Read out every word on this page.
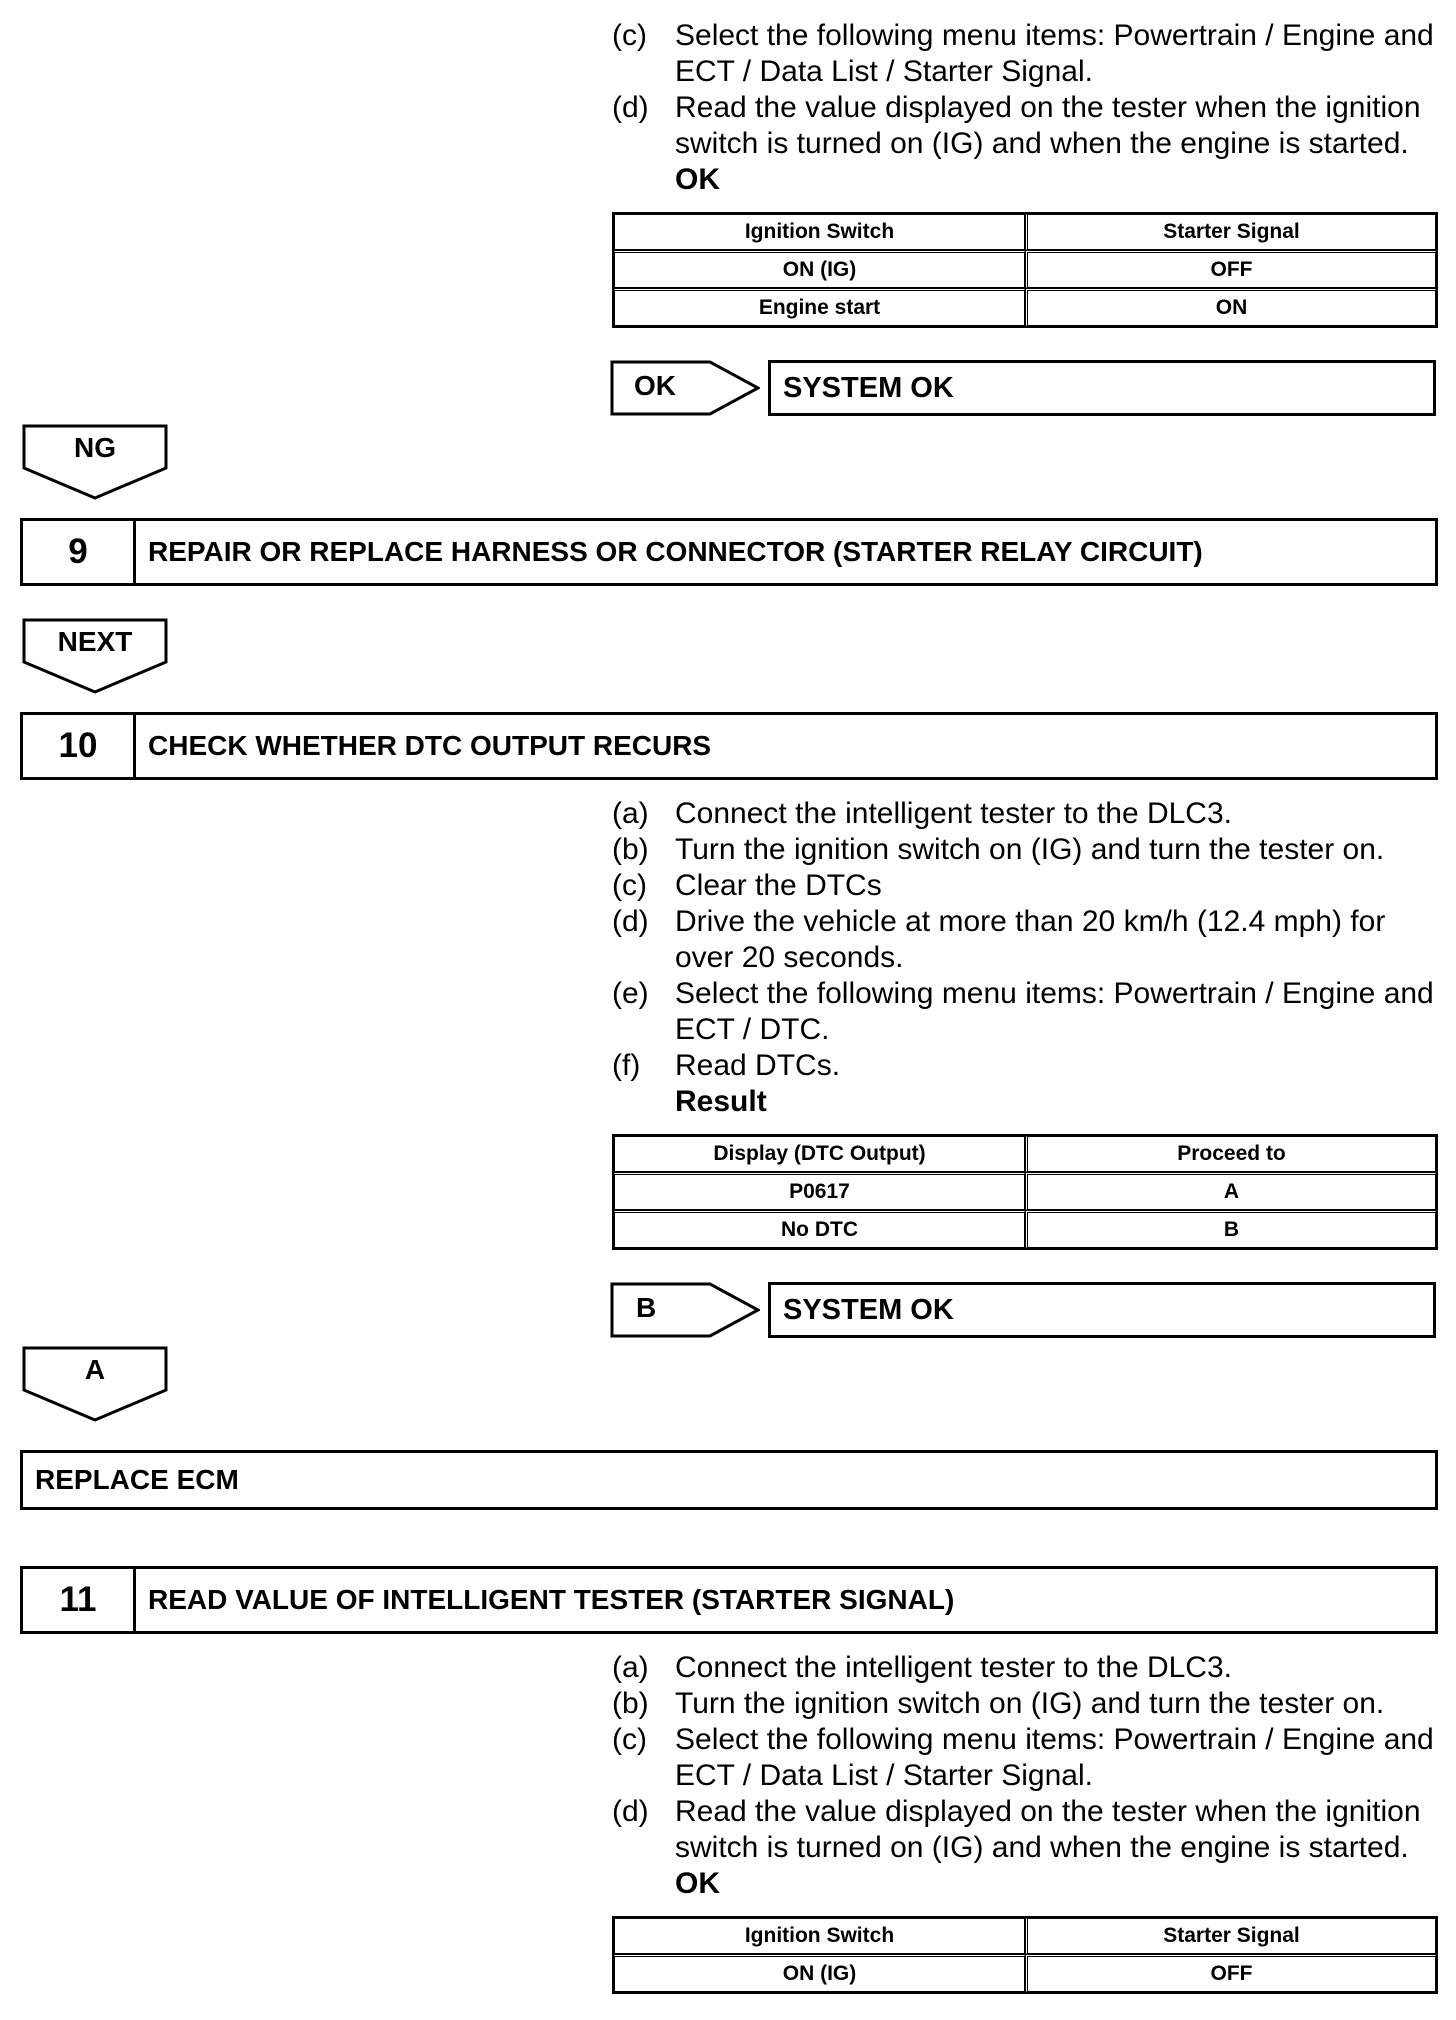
(c) Select the following menu items: Powertrain / Engine and ECT / Data List / Starter Signal.
(d) Read the value displayed on the tester when the ignition switch is turned on (IG) and when the engine is started.
OK
Ignition Switch	Starter Signal
ON (IG)	OFF
Engine start	ON
OK	SYSTEM OK
NG
9	REPAIR OR REPLACE HARNESS OR CONNECTOR (STARTER RELAY CIRCUIT)
NEXT
10	CHECK WHETHER DTC OUTPUT RECURS
(a) Connect the intelligent tester to the DLC3.
(b) Turn the ignition switch on (IG) and turn the tester on.
(c) Clear the DTCs
(d) Drive the vehicle at more than 20 km/h (12.4 mph) for over 20 seconds.
(e) Select the following menu items: Powertrain / Engine and ECT / DTC.
(f)	Read DTCs.
Result
Display (DTC Output)	Proceed to
P0617	A
No DTC	B
B	SYSTEM OK
A
REPLACE ECM
11	READ VALUE OF INTELLIGENT TESTER (STARTER SIGNAL)
(a) Connect the intelligent tester to the DLC3.
(b) Turn the ignition switch on (IG) and turn the tester on.
(c) Select the following menu items: Powertrain / Engine and ECT / Data List / Starter Signal.
(d) Read the value displayed on the tester when the ignition switch is turned on (IG) and when the engine is started.
OK
Ignition Switch	Starter Signal
ON (IG)	OFF
